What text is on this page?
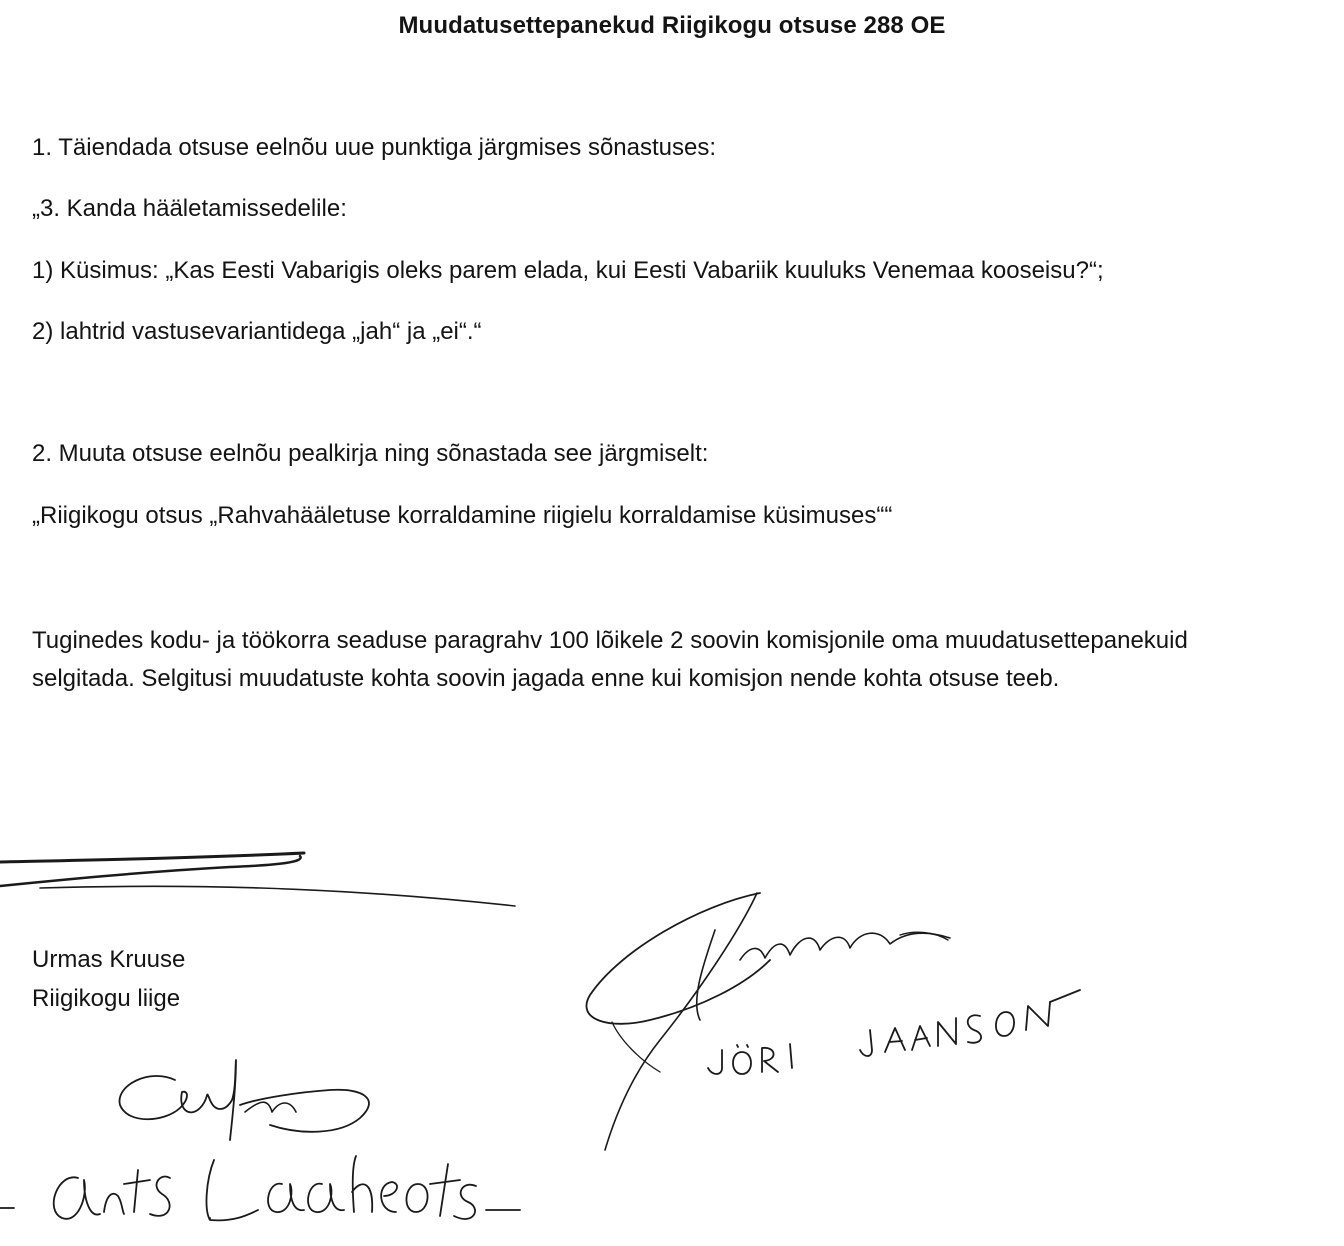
Muudatusettepanekud Riigikogu otsuse 288 OE
1. Täiendada otsuse eelnõu uue punktiga järgmises sõnastuses:
„3. Kanda hääletamissedelile:
1) Küsimus: „Kas Eesti Vabarigis oleks parem elada, kui Eesti Vabariik kuuluks Venemaa kooseisu?“;
2) lahtrid vastusevariantidega „jah“ ja „ei“.“
2. Muuta otsuse eelnõu pealkirja ning sõnastada see järgmiselt:
„Riigikogu otsus „Rahvahääletuse korraldamine riigielu korraldamise küsimuses““
Tuginedes kodu- ja töökorra seaduse paragrahv 100 lõikele 2 soovin komisjonile oma muudatusettepanekuid selgitada. Selgitusi muudatuste kohta soovin jagada enne kui komisjon nende kohta otsuse teeb.
Urmas Kruuse
Riigikogu liige
